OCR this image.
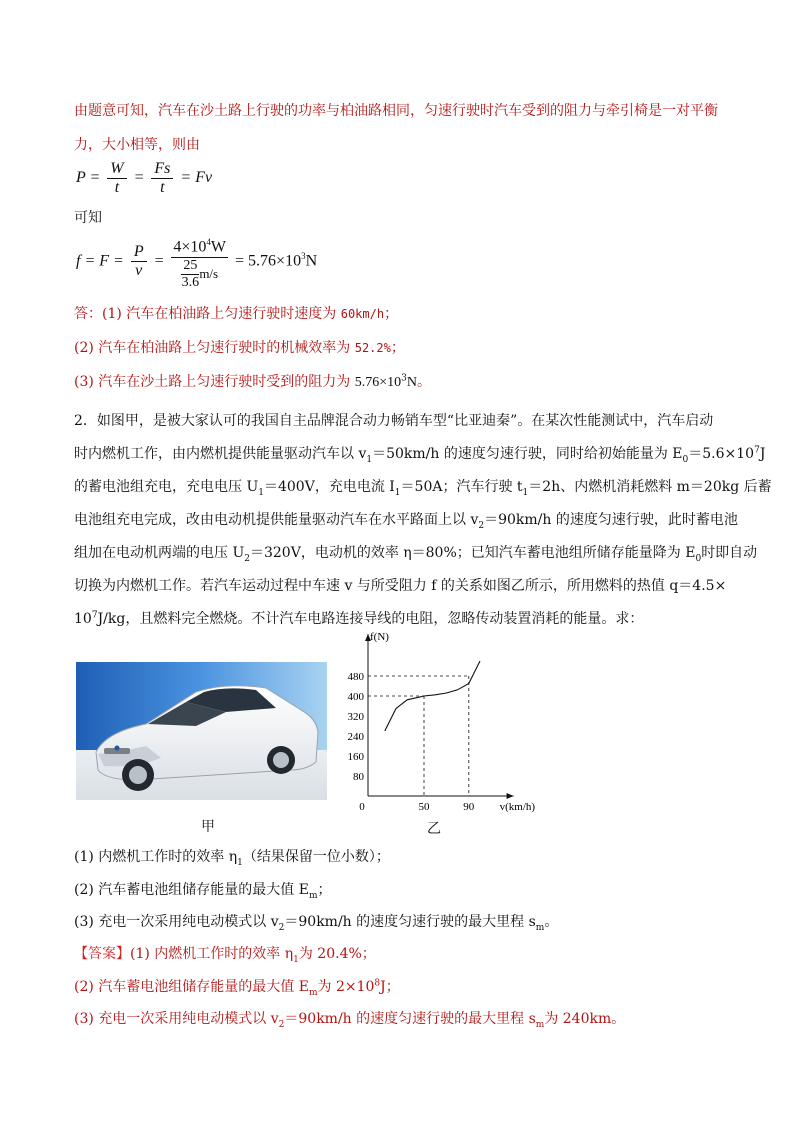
由题意可知，汽车在沙土路上行驶的功率与柏油路相同，匀速行驶时汽车受到的阻力与牵引椅是一对平衡
力，大小相等，则由
$P = \frac{W}{t} = \frac{Fs}{t} = Fv$
可知
$f = F = \frac{P}{v} = \frac{4\times 10^4W}{\frac{25}{3.6} m/s} = 5.76\times 10^3N$
答：(1) 汽车在柏油路上匀速行驶时速度为 60km/h；
(2) 汽车在柏油路上匀速行驶时的机械效率为 52.2%；
(3) 汽车在沙土路上匀速行驶时受到的阻力为 $5.76\times 10^3N$。
2．如图甲，是被大家认可的我国自主品牌混合动力畅销车型“比亚迪秦”。在某次性能测试中，汽车启动
时内燃机工作，由内燃机提供能量驱动汽车以 $v_1=50km/h$ 的速度匀速行驶，同时给初始能量为 $E_0=5.6\times 10^7J$
的蓄电池组充电，充电电压 $U_1=400V$，充电电流 $I_1=50A$；汽车行驶 $t_1=2h$、内燃机消耗燃料 m＝20kg 后蓄
电池组充电完成，改由电动机提供能量驱动汽车在水平路面上以 $v_2=90km/h$ 的速度匀速行驶，此时蓄电池
组加在电动机两端的电压 $U_2=320V$，电动机的效率 η＝80%；已知汽车蓄电池组所储存能量降为 $E_0$时即自动
切换为内燃机工作。若汽车运动过程中车速 v 与所受阻力 f 的关系如图乙所示，所用燃料的热值 q＝4.5×
$10^7J/kg$，且燃料完全燃烧。不计汽车电路连接导线的电阻，忽略传动装置消耗的能量。求：
f(N)
v(km/h)
80
160
240
320
400
480
0	50	90
甲	乙
(1) 内燃机工作时的效率 $\eta_1$（结果保留一位小数）；
(2) 汽车蓄电池组储存能量的最大值 $E_m$；
(3) 充电一次采用纯电动模式以 $v_2=90km/h$ 的速度匀速行驶的最大里程 $s_m$。
【答案】(1) 内燃机工作时的效率 $\eta_1$为 20.4%；
(2) 汽车蓄电池组储存能量的最大值 $E_m$为 $2\times 10^8J$；
(3) 充电一次采用纯电动模式以 $v_2=90km/h$ 的速度匀速行驶的最大里程 $s_m$为 240km。
